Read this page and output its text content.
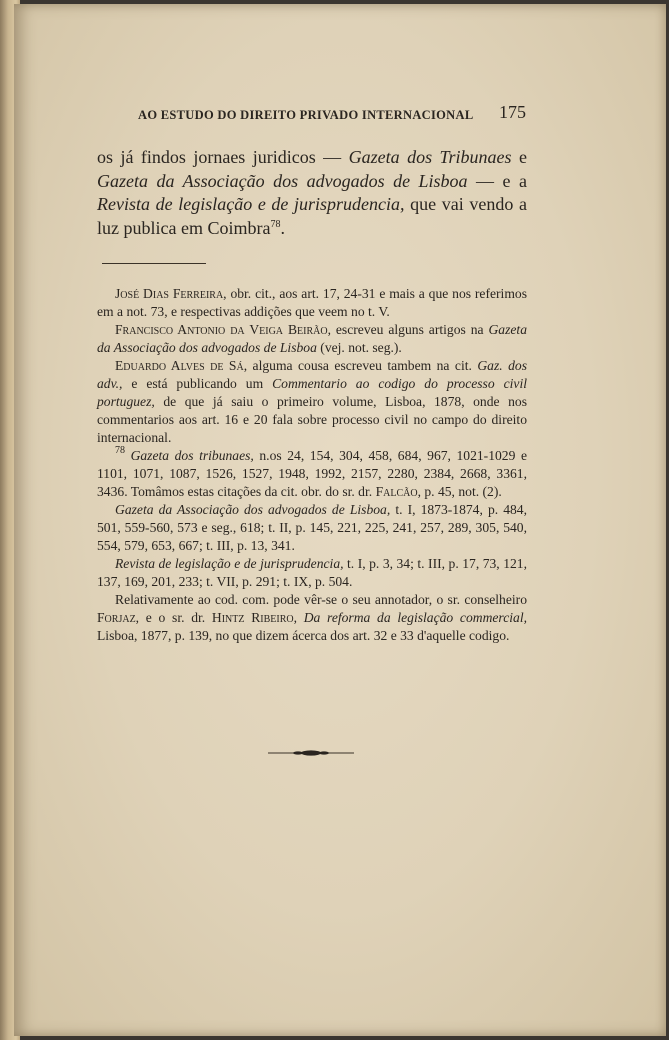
AO ESTUDO DO DIREITO PRIVADO INTERNACIONAL 175
os já findos jornaes juridicos — Gazeta dos Tribunaes e Gazeta da Associação dos advogados de Lisboa — e a Revista de legislação e de jurisprudencia, que vai vendo a luz publica em Coimbra$^{78}$.

José Dias Ferreira, obr. cit., aos art. 17, 24-31 e mais a que nos referimos em a not. 73, e respectivas addições que veem no t. V.

Francisco Antonio da Veiga Beirão, escreveu alguns artigos na Gazeta da Associação dos advogados de Lisboa (vej. not. seg.).

Eduardo Alves de Sá, alguma cousa escreveu tambem na cit. Gaz. dos adv., e está publicando um Commentario ao codigo do processo civil portuguez, de que já saiu o primeiro volume, Lisboa, 1878, onde nos commentarios aos art. 16 e 20 fala sobre processo civil no campo do direito internacional.

$^{78}$ Gazeta dos tribunaes, n.os 24, 154, 304, 458, 684, 967, 1021-1029 e 1101, 1071, 1087, 1526, 1527, 1948, 1992, 2157, 2280, 2384, 2668, 3361, 3436. Tomâmos estas citações da cit. obr. do sr. dr. Falcão, p. 45, not. (2).

Gazeta da Associação dos advogados de Lisboa, t. I, 1873-1874, p. 484, 501, 559-560, 573 e seg., 618; t. II, p. 145, 221, 225, 241, 257, 289, 305, 540, 554, 579, 653, 667; t. III, p. 13, 341.

Revista de legislação e de jurisprudencia, t. I, p. 3, 34; t. III, p. 17, 73, 121, 137, 169, 201, 233; t. VII, p. 291; t. IX, p. 504.

Relativamente ao cod. com. pode vêr-se o seu annotador, o sr. conselheiro Forjaz, e o sr. dr. Hintz Ribeiro, Da reforma da legislação commercial, Lisboa, 1877, p. 139, no que dizem ácerca dos art. 32 e 33 d'aquelle codigo.
